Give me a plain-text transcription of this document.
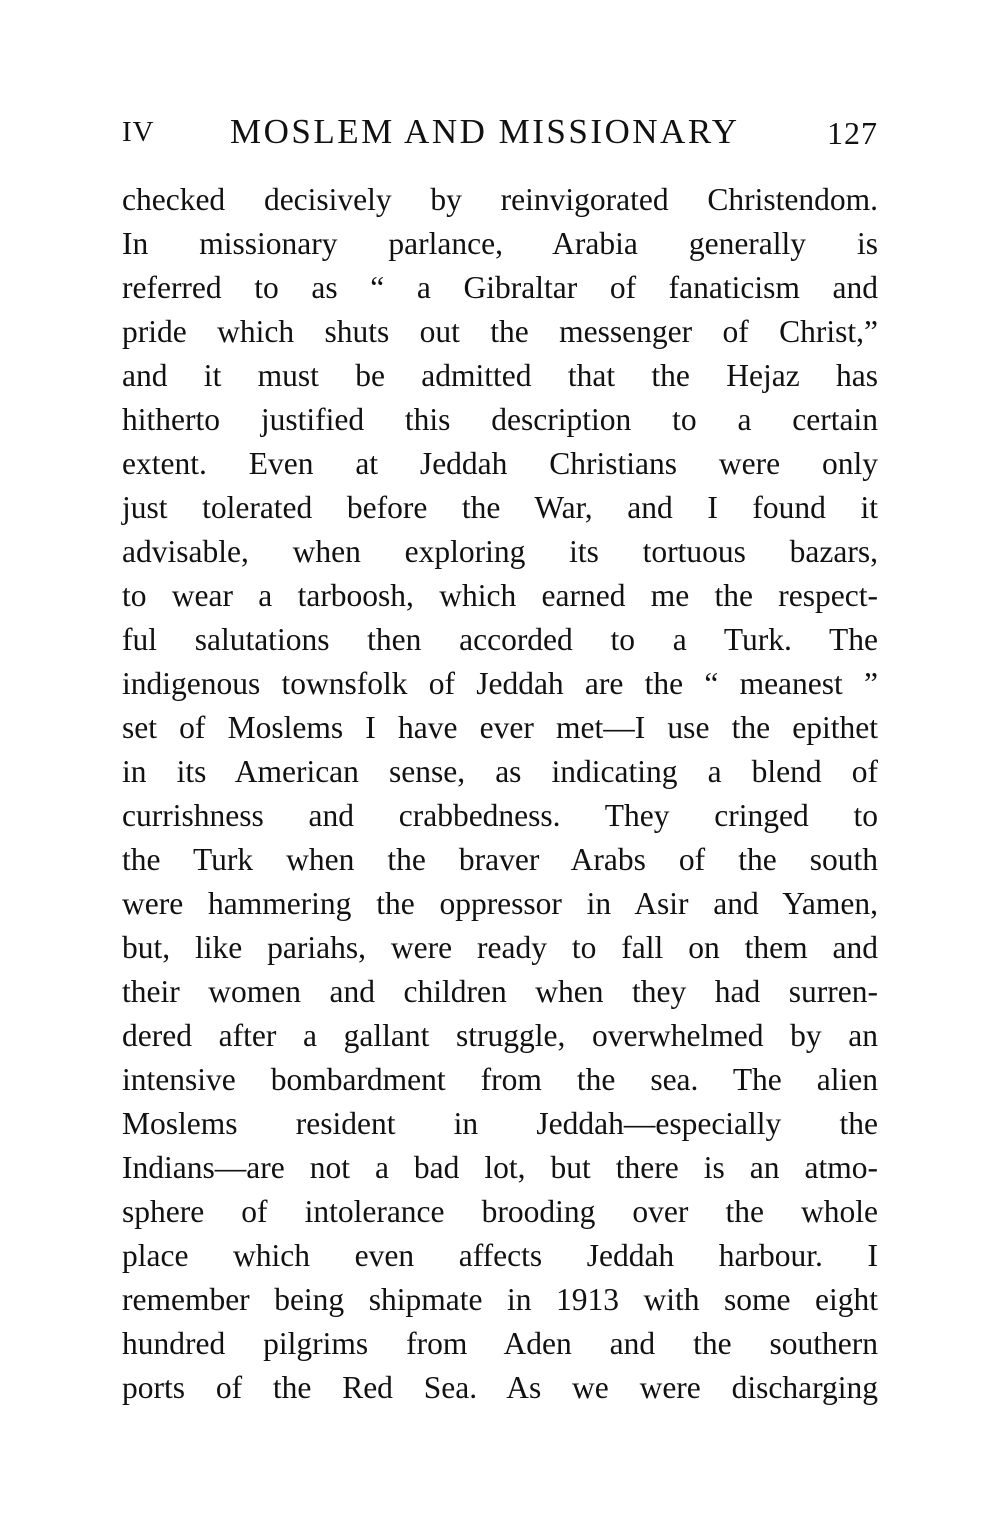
IV MOSLEM AND MISSIONARY	127
checked decisively by reinvigorated Christendom.
In missionary parlance, Arabia generally is
referred to as “ a Gibraltar of fanaticism and
pride which shuts out the messenger of Christ,”
and it must be admitted that the Hejaz has
hitherto justified this description to a certain
extent. Even at Jeddah Christians were only
just tolerated before the War, and I found it
advisable, when exploring its tortuous bazars,
to wear a tarboosh, which earned me the respect-
ful salutations then accorded to a Turk. The
indigenous townsfolk of Jeddah are the “ meanest ”
set of Moslems I have ever met—I use the epithet
in its American sense, as indicating a blend of
currishness and crabbedness. They cringed to
the Turk when the braver Arabs of the south
were hammering the oppressor in Asir and Yamen,
but, like pariahs, were ready to fall on them and
their women and children when they had surren-
dered after a gallant struggle, overwhelmed by an
intensive bombardment from the sea. The alien
Moslems resident in Jeddah—especially the
Indians—are not a bad lot, but there is an atmo-
sphere of intolerance brooding over the whole
place which even affects Jeddah harbour. I
remember being shipmate in 1913 with some eight
hundred pilgrims from Aden and the southern
ports of the Red Sea. As we were discharging
